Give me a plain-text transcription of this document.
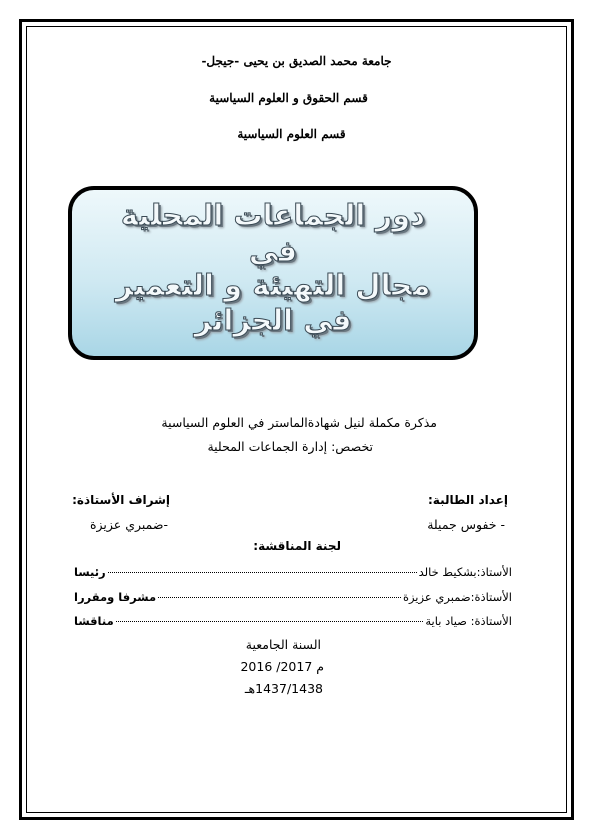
جامعة محمد الصديق بن يحيى -جيجل-
قسم الحقوق و العلوم السياسية
قسم العلوم السياسية
دور الجماعات المحلية
في
مجال التهيئة و التعمير
في الجزائر
مذكرة مكملة لنيل شهادةالماستر في العلوم السياسية
تخصص: إدارة الجماعات المحلية
إعداد الطالبة:
- خفوس جميلة
إشراف الأستاذة:
-ضمبري عزيزة
لجنة المناقشة:
الأستاذ:بشكيط خالد
رئيسا
الأستاذة:ضمبري عزيزة
مشرفا ومقررا
الأستاذة: صياد باية
مناقشا
السنة الجامعية
2016 /2017 م
1437/1438هـ
